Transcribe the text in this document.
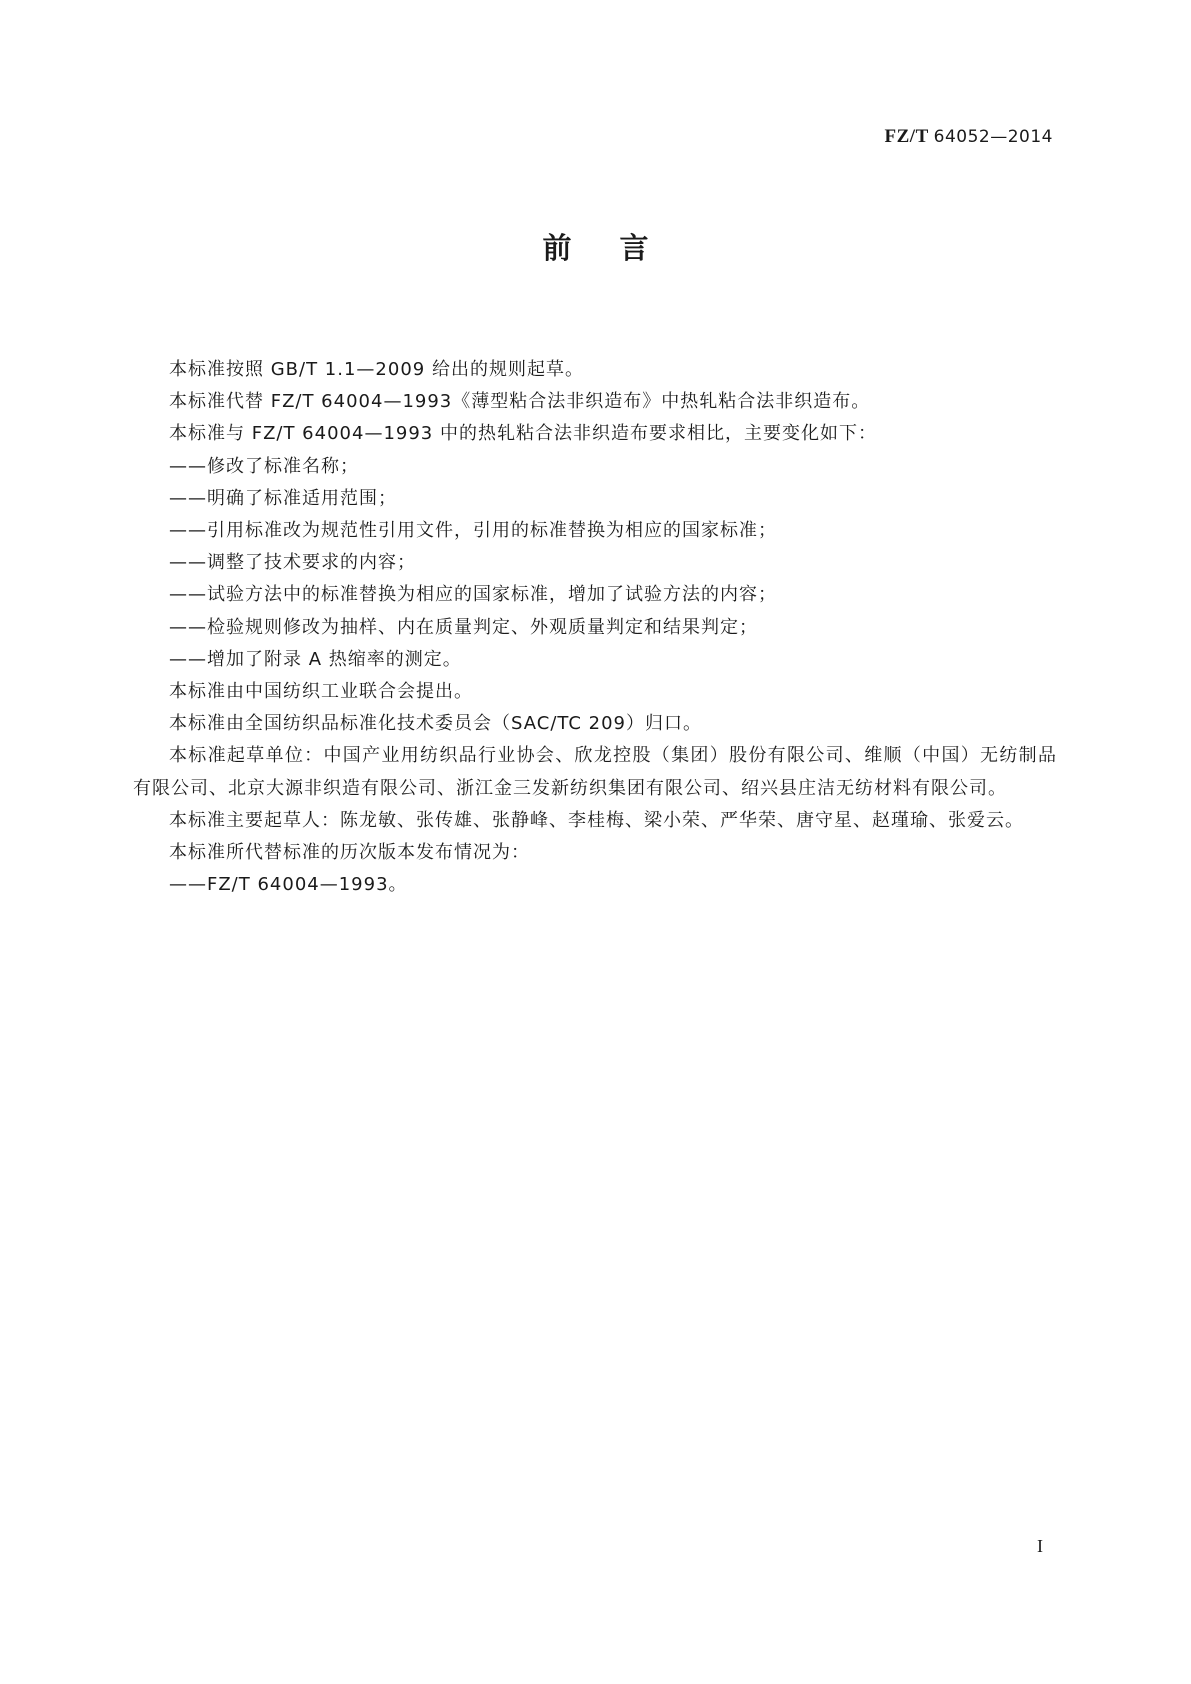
FZ/T 64052—2014
前言

本标准按照 GB/T 1.1—2009 给出的规则起草。

本标准代替 FZ/T 64004—1993《薄型粘合法非织造布》中热轧粘合法非织造布。

本标准与 FZ/T 64004—1993 中的热轧粘合法非织造布要求相比，主要变化如下：

——修改了标准名称；

——明确了标准适用范围；

——引用标准改为规范性引用文件，引用的标准替换为相应的国家标准；

——调整了技术要求的内容；

——试验方法中的标准替换为相应的国家标准，增加了试验方法的内容；

——检验规则修改为抽样、内在质量判定、外观质量判定和结果判定；

——增加了附录 A 热缩率的测定。

本标准由中国纺织工业联合会提出。

本标准由全国纺织品标准化技术委员会（SAC/TC 209）归口。

本标准起草单位：中国产业用纺织品行业协会、欣龙控股（集团）股份有限公司、维顺（中国）无纺制品有限公司、北京大源非织造有限公司、浙江金三发新纺织集团有限公司、绍兴县庄洁无纺材料有限公司。

本标准主要起草人：陈龙敏、张传雄、张静峰、李桂梅、梁小荣、严华荣、唐守星、赵瑾瑜、张爱云。

本标准所代替标准的历次版本发布情况为：

——FZ/T 64004—1993。

I
